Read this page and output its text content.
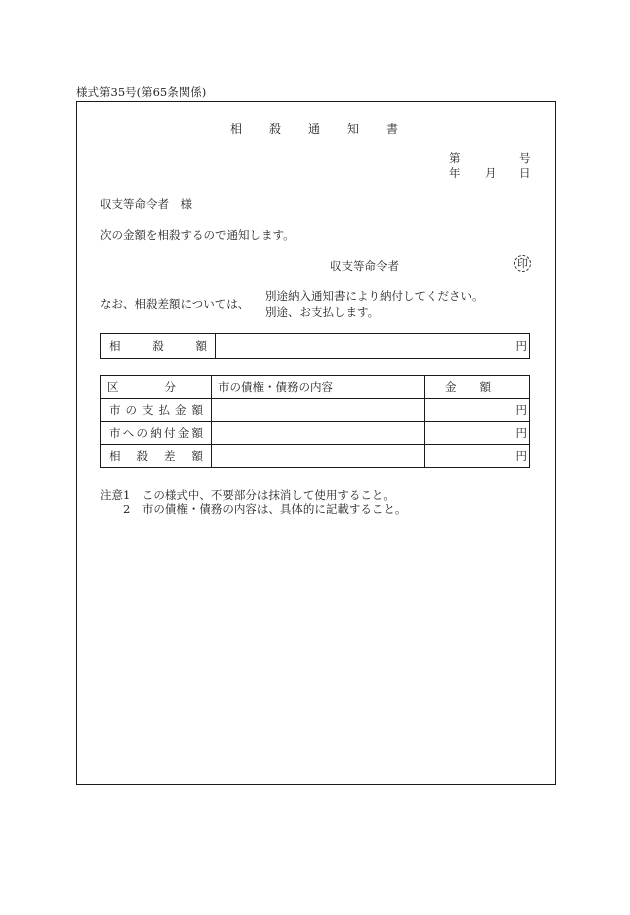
様式第35号(第65条関係)
相　　殺　　通　　知　　書
第	号
年 月 日
収支等命令者　様
次の金額を相殺するので通知します。
収支等命令者	印
なお、相殺差額については、
別途納入通知書により納付してください。
別途、お支払します。
相　殺　額	円
区　　　　分	市の債権・債務の内容	金　　額
市の支払金額		円
市への納付金額		円
相　殺　差　額		円
注意1　この様式中、不要部分は抹消して使用すること。
　　2　市の債権・債務の内容は、具体的に記載すること。
